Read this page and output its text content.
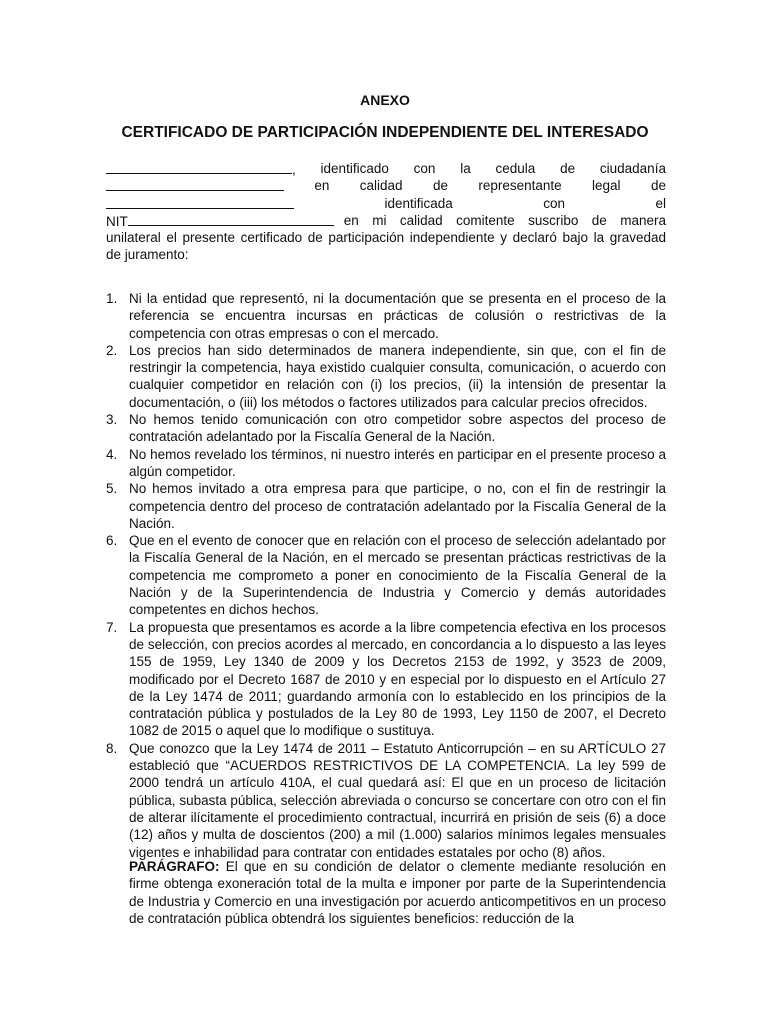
ANEXO
CERTIFICADO DE PARTICIPACIÓN INDEPENDIENTE DEL INTERESADO
, identificado con la cedula de ciudadanía
en calidad de representante legal de
identificada	con	el
NIT	en mi calidad comitente suscribo de manera
unilateral el presente certificado de participación independiente y declaró bajo la gravedad
de juramento:
1. Ni la entidad que representó, ni la documentación que se presenta en el proceso de la referencia se encuentra incursas en prácticas de colusión o restrictivas de la competencia con otras empresas o con el mercado.
2. Los precios han sido determinados de manera independiente, sin que, con el fin de restringir la competencia, haya existido cualquier consulta, comunicación, o acuerdo con cualquier competidor en relación con (i) los precios, (ii) la intensión de presentar la documentación, o (iii) los métodos o factores utilizados para calcular precios ofrecidos.
3. No hemos tenido comunicación con otro competidor sobre aspectos del proceso de contratación adelantado por la Fiscalía General de la Nación.
4. No hemos revelado los términos, ni nuestro interés en participar en el presente proceso a algún competidor.
5. No hemos invitado a otra empresa para que participe, o no, con el fin de restringir la competencia dentro del proceso de contratación adelantado por la Fiscalía General de la Nación.
6. Que en el evento de conocer que en relación con el proceso de selección adelantado por la Fiscalía General de la Nación, en el mercado se presentan prácticas restrictivas de la competencia me comprometo a poner en conocimiento de la Fiscalía General de la Nación y de la Superintendencia de Industria y Comercio y demás autoridades competentes en dichos hechos.
7. La propuesta que presentamos es acorde a la libre competencia efectiva en los procesos de selección, con precios acordes al mercado, en concordancia a lo dispuesto a las leyes 155 de 1959, Ley 1340 de 2009 y los Decretos 2153 de 1992, y 3523 de 2009, modificado por el Decreto 1687 de 2010 y en especial por lo dispuesto en el Artículo 27 de la Ley 1474 de 2011; guardando armonía con lo establecido en los principios de la contratación pública y postulados de la Ley 80 de 1993, Ley 1150 de 2007, el Decreto 1082 de 2015 o aquel que lo modifique o sustituya.
8. Que conozco que la Ley 1474 de 2011 – Estatuto Anticorrupción – en su ARTÍCULO 27 estableció que “ACUERDOS RESTRICTIVOS DE LA COMPETENCIA. La ley 599 de 2000 tendrá un artículo 410A, el cual quedará así: El que en un proceso de licitación pública, subasta pública, selección abreviada o concurso se concertare con otro con el fin de alterar ilícitamente el procedimiento contractual, incurrirá en prisión de seis (6) a doce (12) años y multa de doscientos (200) a mil (1.000) salarios mínimos legales mensuales vigentes e inhabilidad para contratar con entidades estatales por ocho (8) años.
PARÁGRAFO: El que en su condición de delator o clemente mediante resolución en firme obtenga exoneración total de la multa e imponer por parte de la Superintendencia de Industria y Comercio en una investigación por acuerdo anticompetitivos en un proceso de contratación pública obtendrá los siguientes beneficios: reducción de la
